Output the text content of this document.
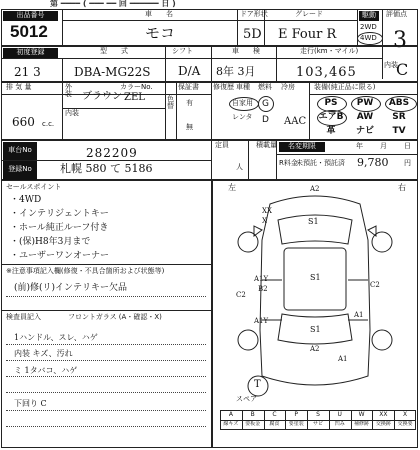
第 ━━━━ ( ━━━ ━━ 回 ━━━━━━ 日 )
出品番号
5012
車　　名
モコ
ドア形状
5D
グレード
E Four R
駆動
2WD
4WD
評価点
3
初度登録	型　　式	シフト	車　　検	走行(km・マイル)
21 3	DBA-MG22S D/A 8年 3月	103,465	内装
C
排 気 量
660 c.c.
外 装 ブラウン
カラーNo.
ZEL
内装
色替
保証書
有
無
修復歴 車種
自家用
レンタ
燃料
G
D
冷房
AAC
装備(純正品に限る)
PS	PW	ABS
エアB	AW	SR
革	ナビ	TV
車台No	282209
登録No	札幌 580 て 5186
定員
人
積載量	名変期限	年 月 日
R料金
未預託・預託済 9,780 円
セールスポイント
・4WD
・インテリジェントキー
・ホール純正ルーフ付き
・(保)H8年3月まで
・ユーザーワンオーナー
※注意事項記入欄(修復・不具合箇所および状態等)
(前)修(リ)インテリキー欠品
検査員記入	フロントガラス (A・確認・X)
1ハンドル、スレ、ハゲ
内装 キズ、汚れ
ミ 1タバコ、ハゲ
下回り C
左	右
A2
S1
XX
X
A1Y
B2
C2
S1
C2
A1
S1
A1Y
A2
A1
T
スペア
A
線キズ
B
要板金
C
腐食
P
要塗装
S
サビ
U
凹み
W
補修跡
XX
交換跡
X
交換要
